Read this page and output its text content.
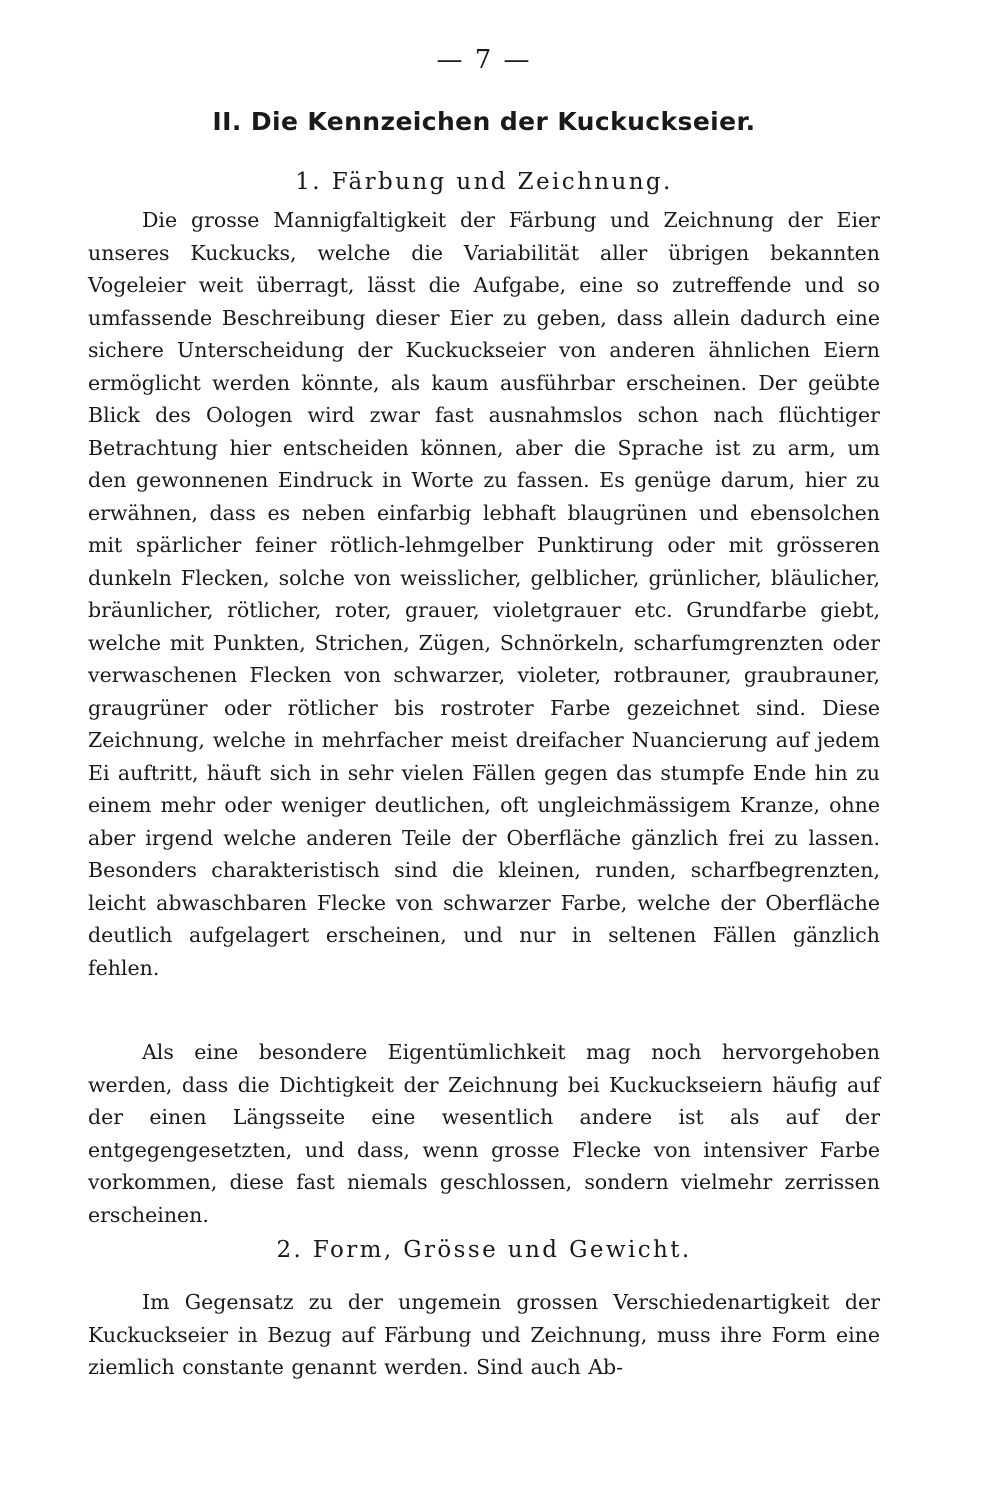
— 7 —
II. Die Kennzeichen der Kuckuckseier.
1. Färbung und Zeichnung.

Die grosse Mannigfaltigkeit der Färbung und Zeichnung der Eier unseres Kuckucks, welche die Variabilität aller übrigen bekannten Vogeleier weit überragt, lässt die Aufgabe, eine so zutreffende und so umfassende Beschreibung dieser Eier zu geben, dass allein dadurch eine sichere Unterscheidung der Kuckuckseier von anderen ähnlichen Eiern ermöglicht werden könnte, als kaum ausführbar erscheinen. Der geübte Blick des Oologen wird zwar fast ausnahmslos schon nach flüchtiger Betrachtung hier entscheiden können, aber die Sprache ist zu arm, um den gewonnenen Eindruck in Worte zu fassen. Es genüge darum, hier zu erwähnen, dass es neben einfarbig lebhaft blaugrünen und ebensolchen mit spärlicher feiner rötlich-lehmgelber Punktirung oder mit grösseren dunkeln Flecken, solche von weisslicher, gelblicher, grünlicher, bläulicher, bräunlicher, rötlicher, roter, grauer, violetgrauer etc. Grundfarbe giebt, welche mit Punkten, Strichen, Zügen, Schnörkeln, scharfumgrenzten oder verwaschenen Flecken von schwarzer, violeter, rotbrauner, graubrauner, graugrüner oder rötlicher bis rostroter Farbe gezeichnet sind. Diese Zeichnung, welche in mehrfacher meist dreifacher Nuancierung auf jedem Ei auftritt, häuft sich in sehr vielen Fällen gegen das stumpfe Ende hin zu einem mehr oder weniger deutlichen, oft ungleichmässigem Kranze, ohne aber irgend welche anderen Teile der Oberfläche gänzlich frei zu lassen. Besonders charakteristisch sind die kleinen, runden, scharfbegrenzten, leicht abwaschbaren Flecke von schwarzer Farbe, welche der Oberfläche deutlich aufgelagert erscheinen, und nur in seltenen Fällen gänzlich fehlen.

Als eine besondere Eigentümlichkeit mag noch hervorgehoben werden, dass die Dichtigkeit der Zeichnung bei Kuckuckseiern häufig auf der einen Längsseite eine wesentlich andere ist als auf der entgegengesetzten, und dass, wenn grosse Flecke von intensiver Farbe vorkommen, diese fast niemals geschlossen, sondern vielmehr zerrissen erscheinen.

2. Form, Grösse und Gewicht.

Im Gegensatz zu der ungemein grossen Verschiedenartigkeit der Kuckuckseier in Bezug auf Färbung und Zeichnung, muss ihre Form eine ziemlich constante genannt werden. Sind auch Ab-
